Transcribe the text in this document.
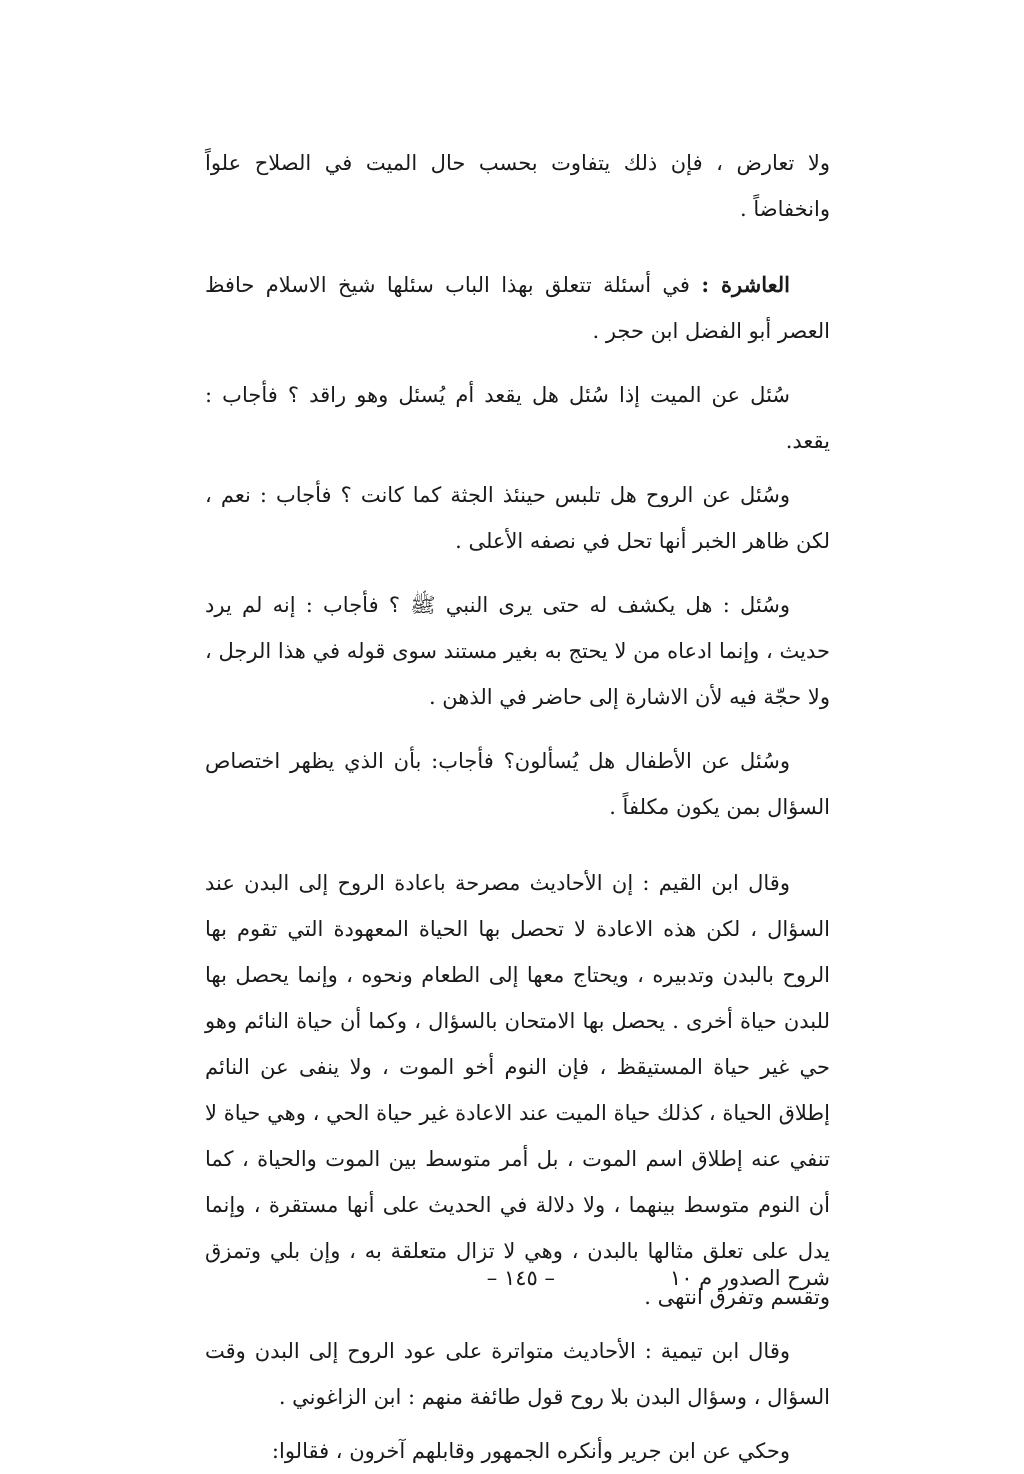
ولا تعارض ، فإن ذلك يتفاوت بحسب حال الميت في الصلاح علواً وانخفاضاً .

العاشرة : في أسئلة تتعلق بهذا الباب سئلها شيخ الاسلام حافظ العصر أبو الفضل ابن حجر .

سُئل عن الميت إذا سُئل هل يقعد أم يُسئل وهو راقد ؟ فأجاب : يقعد.

وسُئل عن الروح هل تلبس حينئذ الجثة كما كانت ؟ فأجاب : نعم ، لكن ظاهر الخبر أنها تحل في نصفه الأعلى .

وسُئل : هل يكشف له حتى يرى النبي ﷺ ؟ فأجاب : إنه لم يرد حديث ، وإنما ادعاه من لا يحتج به بغير مستند سوى قوله في هذا الرجل ، ولا حجّة فيه لأن الاشارة إلى حاضر في الذهن .

وسُئل عن الأطفال هل يُسألون؟ فأجاب: بأن الذي يظهر اختصاص السؤال بمن يكون مكلفاً .

وقال ابن القيم : إن الأحاديث مصرحة باعادة الروح إلى البدن عند السؤال ، لكن هذه الاعادة لا تحصل بها الحياة المعهودة التي تقوم بها الروح بالبدن وتدبيره ، ويحتاج معها إلى الطعام ونحوه ، وإنما يحصل بها للبدن حياة أخرى . يحصل بها الامتحان بالسؤال ، وكما أن حياة النائم وهو حي غير حياة المستيقظ ، فإن النوم أخو الموت ، ولا ينفى عن النائم إطلاق الحياة ، كذلك حياة الميت عند الاعادة غير حياة الحي ، وهي حياة لا تنفي عنه إطلاق اسم الموت ، بل أمر متوسط بين الموت والحياة ، كما أن النوم متوسط بينهما ، ولا دلالة في الحديث على أنها مستقرة ، وإنما يدل على تعلق مثالها بالبدن ، وهي لا تزال متعلقة به ، وإن بلي وتمزق وتقسم وتفرق انتهى .

وقال ابن تيمية : الأحاديث متواترة على عود الروح إلى البدن وقت السؤال ، وسؤال البدن بلا روح قول طائفة منهم : ابن الزاغوني .

وحكي عن ابن جرير وأنكره الجمهور وقابلهم آخرون ، فقالوا:

شرح الصدور م ١٠
– ١٤٥ –
